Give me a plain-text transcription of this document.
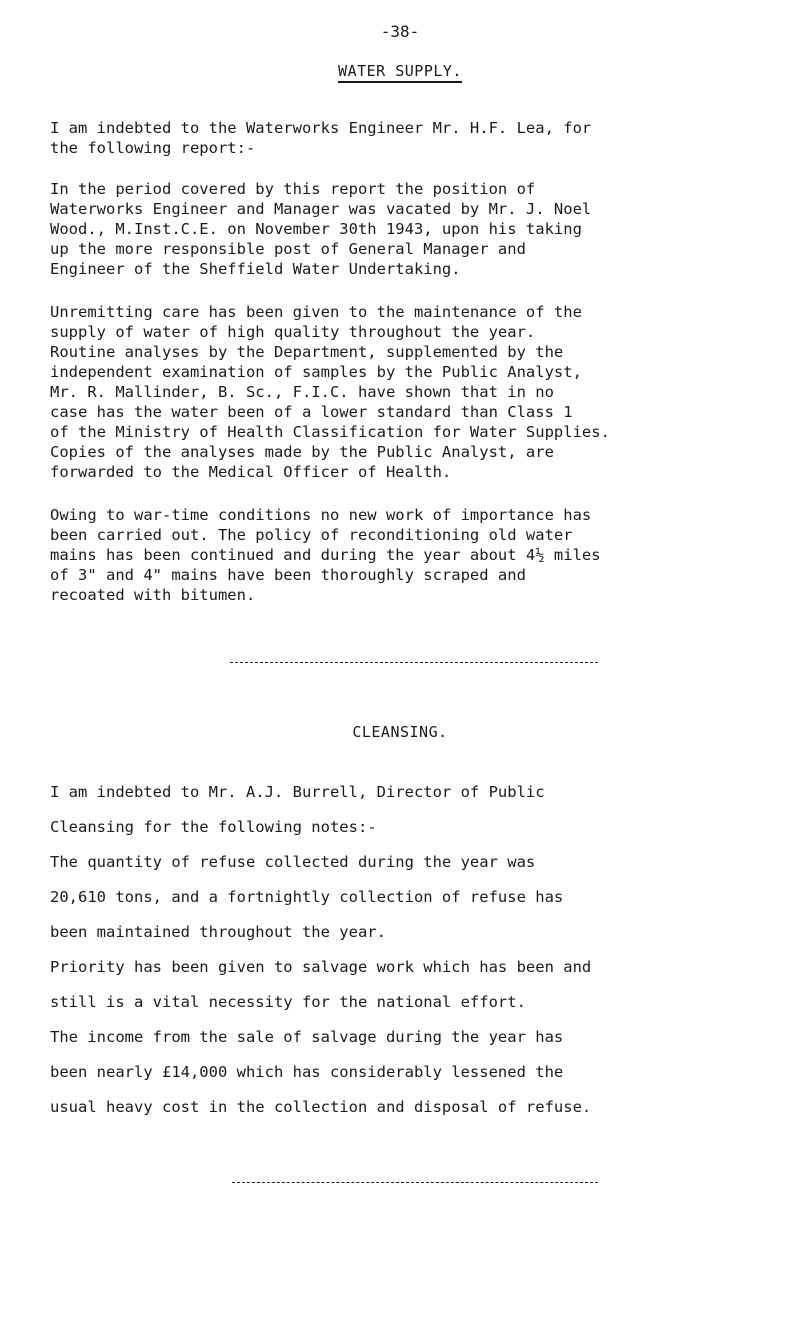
-38-
WATER SUPPLY.
I am indebted to the Waterworks Engineer Mr. H.F. Lea, for
the following report:-
In the period covered by this report the position of
Waterworks Engineer and Manager was vacated by Mr. J. Noel
Wood., M.Inst.C.E. on November 30th 1943, upon his taking
up the more responsible post of General Manager and
Engineer of the Sheffield Water Undertaking.
Unremitting care has been given to the maintenance of the
supply of water of high quality throughout the year.
Routine analyses by the Department, supplemented by the
independent examination of samples by the Public Analyst,
Mr. R. Mallinder, B. Sc., F.I.C. have shown that in no
case has the water been of a lower standard than Class 1
of the Ministry of Health Classification for Water Supplies.
Copies of the analyses made by the Public Analyst, are
forwarded to the Medical Officer of Health.
Owing to war-time conditions no new work of importance has
been carried out. The policy of reconditioning old water
mains has been continued and during the year about 4½ miles
of 3" and 4" mains have been thoroughly scraped and
recoated with bitumen.
CLEANSING.
I am indebted to Mr. A.J. Burrell, Director of Public
Cleansing for the following notes:-
The quantity of refuse collected during the year was
20,610 tons, and a fortnightly collection of refuse has
been maintained throughout the year.
Priority has been given to salvage work which has been and
still is a vital necessity for the national effort.
The income from the sale of salvage during the year has
been nearly £14,000 which has considerably lessened the
usual heavy cost in the collection and disposal of refuse.
